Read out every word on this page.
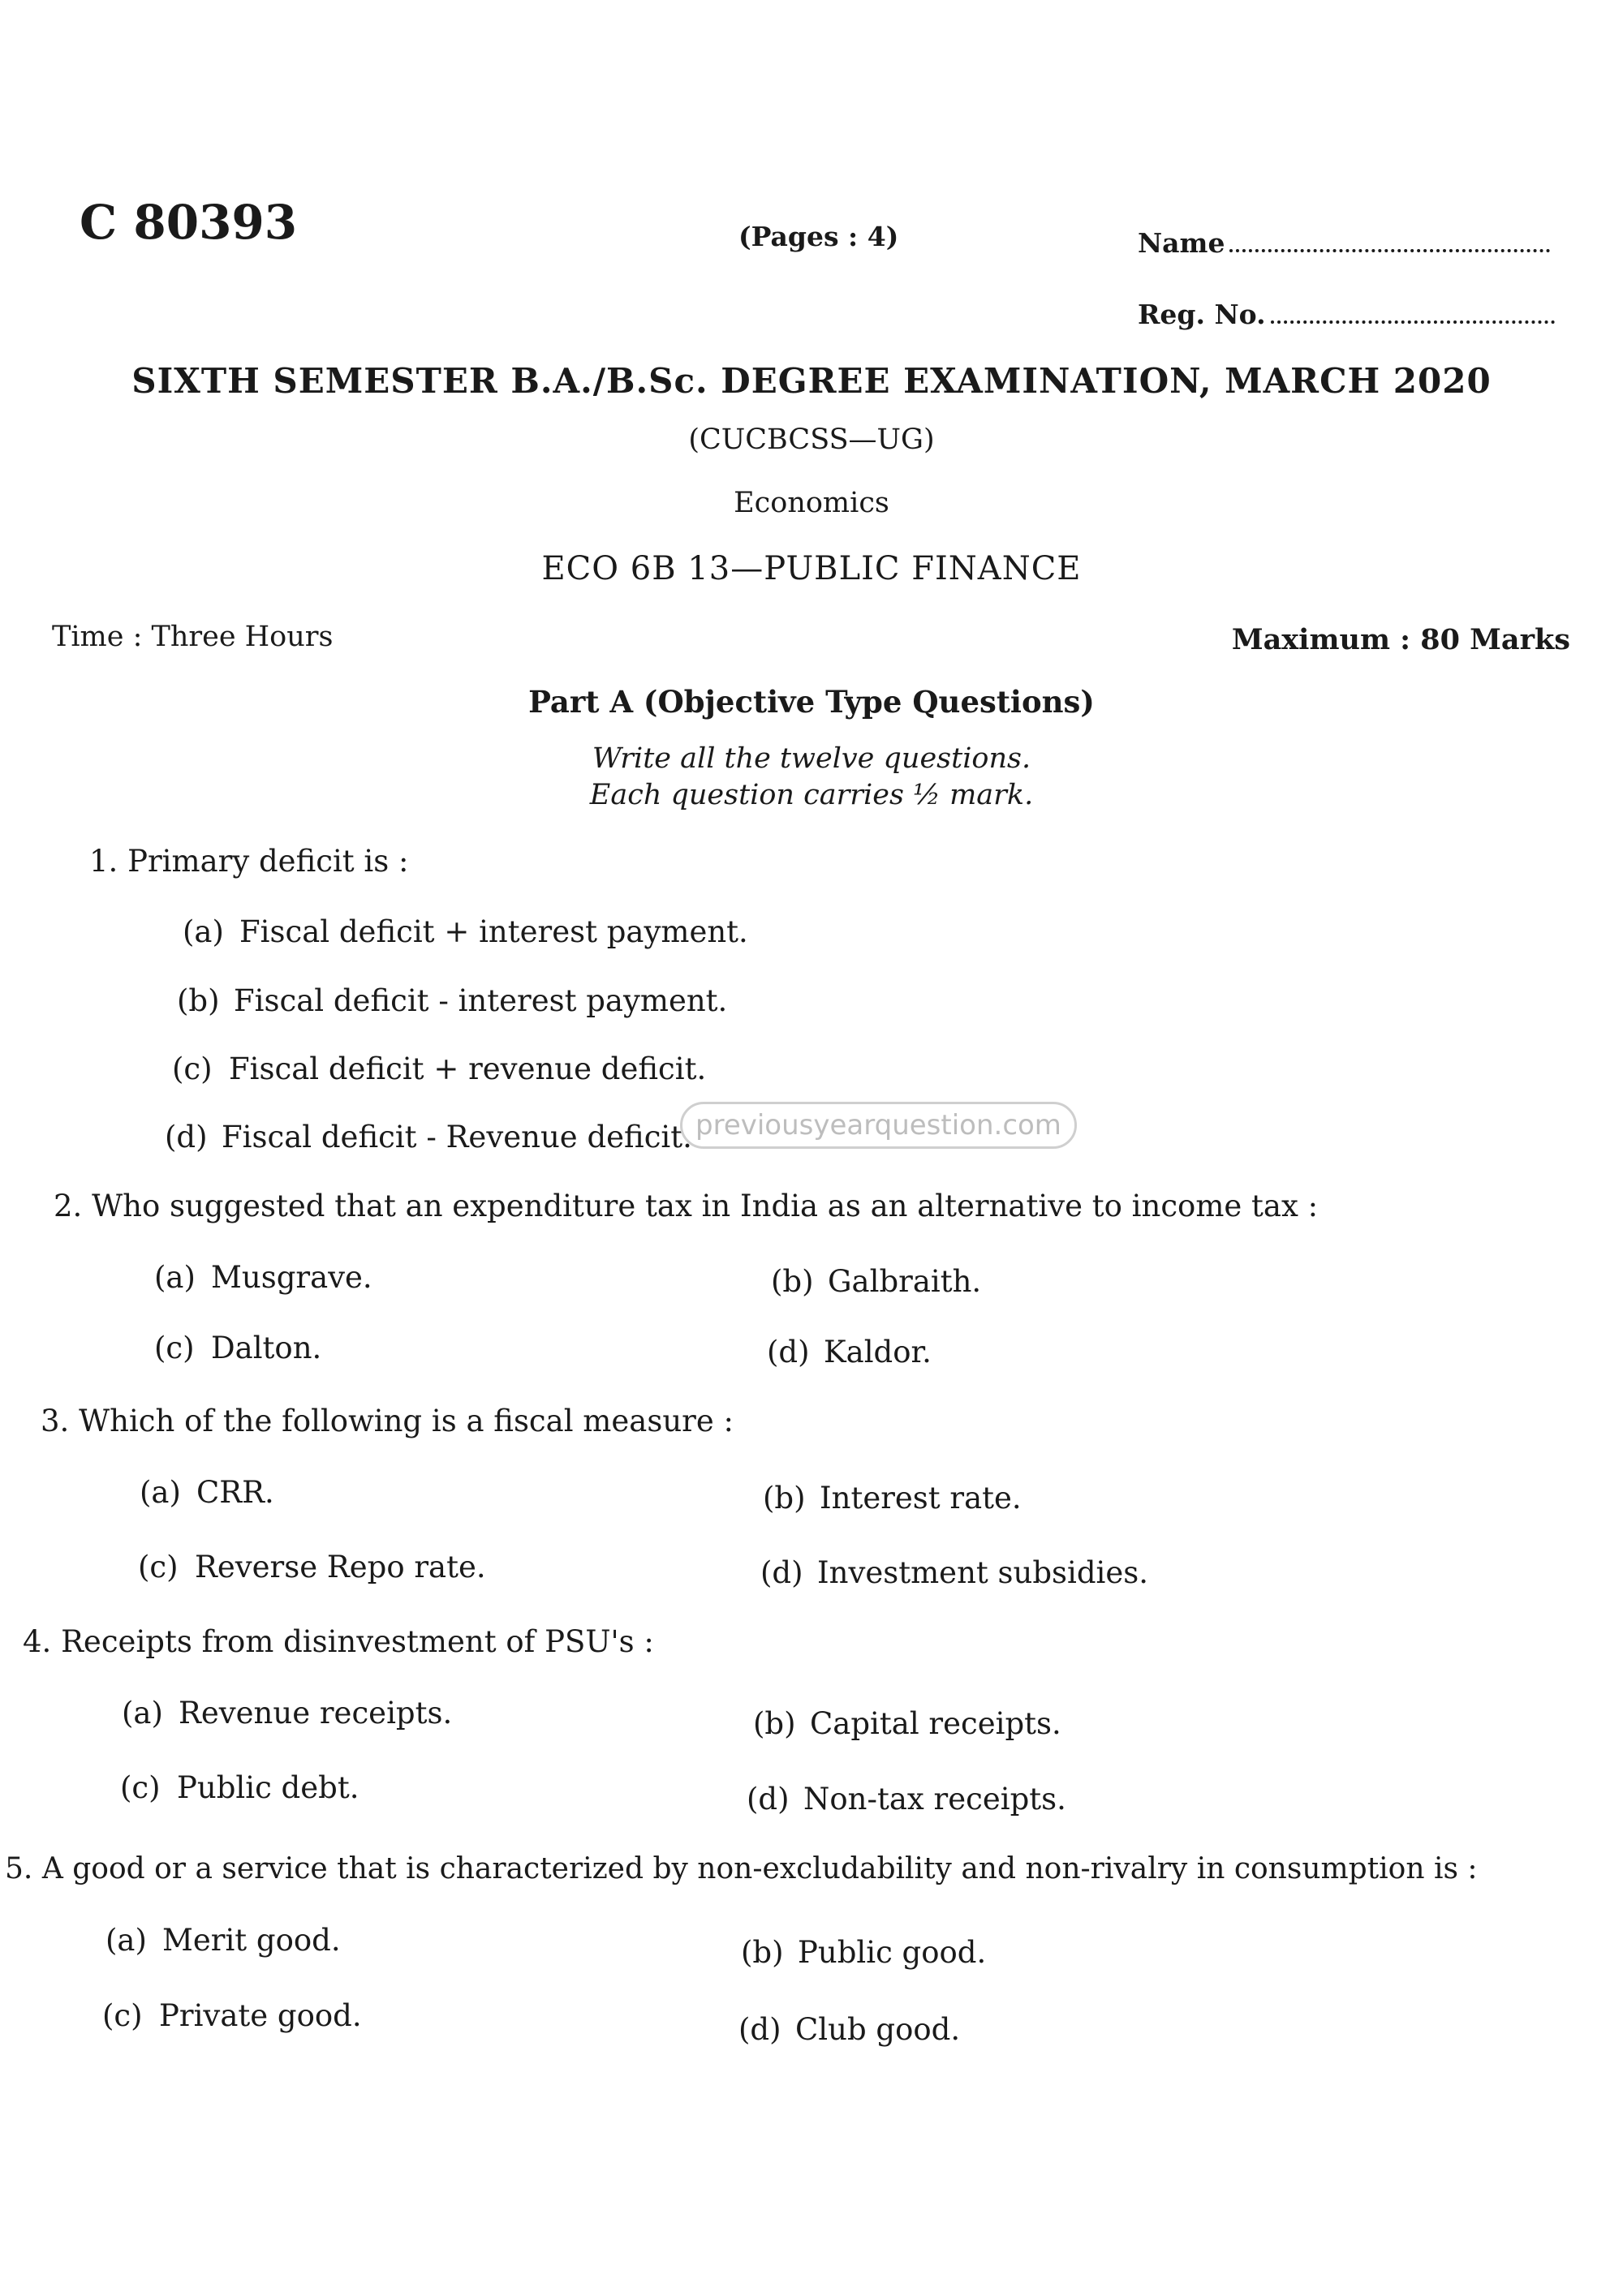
C 80393	(Pages : 4)	Name
Reg. No.
SIXTH SEMESTER B.A./B.Sc. DEGREE EXAMINATION, MARCH 2020
(CUCBCSS—UG)
Economics
ECO 6B 13—PUBLIC FINANCE
Time : Three Hours	Maximum : 80 Marks
Part A (Objective Type Questions)
Write all the twelve questions.
Each question carries ½ mark.
1. Primary deficit is :
(a) Fiscal deficit + interest payment.
(b) Fiscal deficit - interest payment.
(c) Fiscal deficit + revenue deficit.
(d) Fiscal deficit - Revenue deficit. previousyearquestion.com
2. Who suggested that an expenditure tax in India as an alternative to income tax :
(a) Musgrave.	(b) Galbraith.
(c) Dalton.	(d) Kaldor.
3. Which of the following is a fiscal measure :
(a) CRR.	(b) Interest rate.
(c) Reverse Repo rate.	(d) Investment subsidies.
4. Receipts from disinvestment of PSU's :
(a) Revenue receipts.	(b) Capital receipts.
(c) Public debt.	(d) Non-tax receipts.
5. A good or a service that is characterized by non-excludability and non-rivalry in consumption is :
(a) Merit good.	(b) Public good.
(c) Private good.	(d) Club good.
